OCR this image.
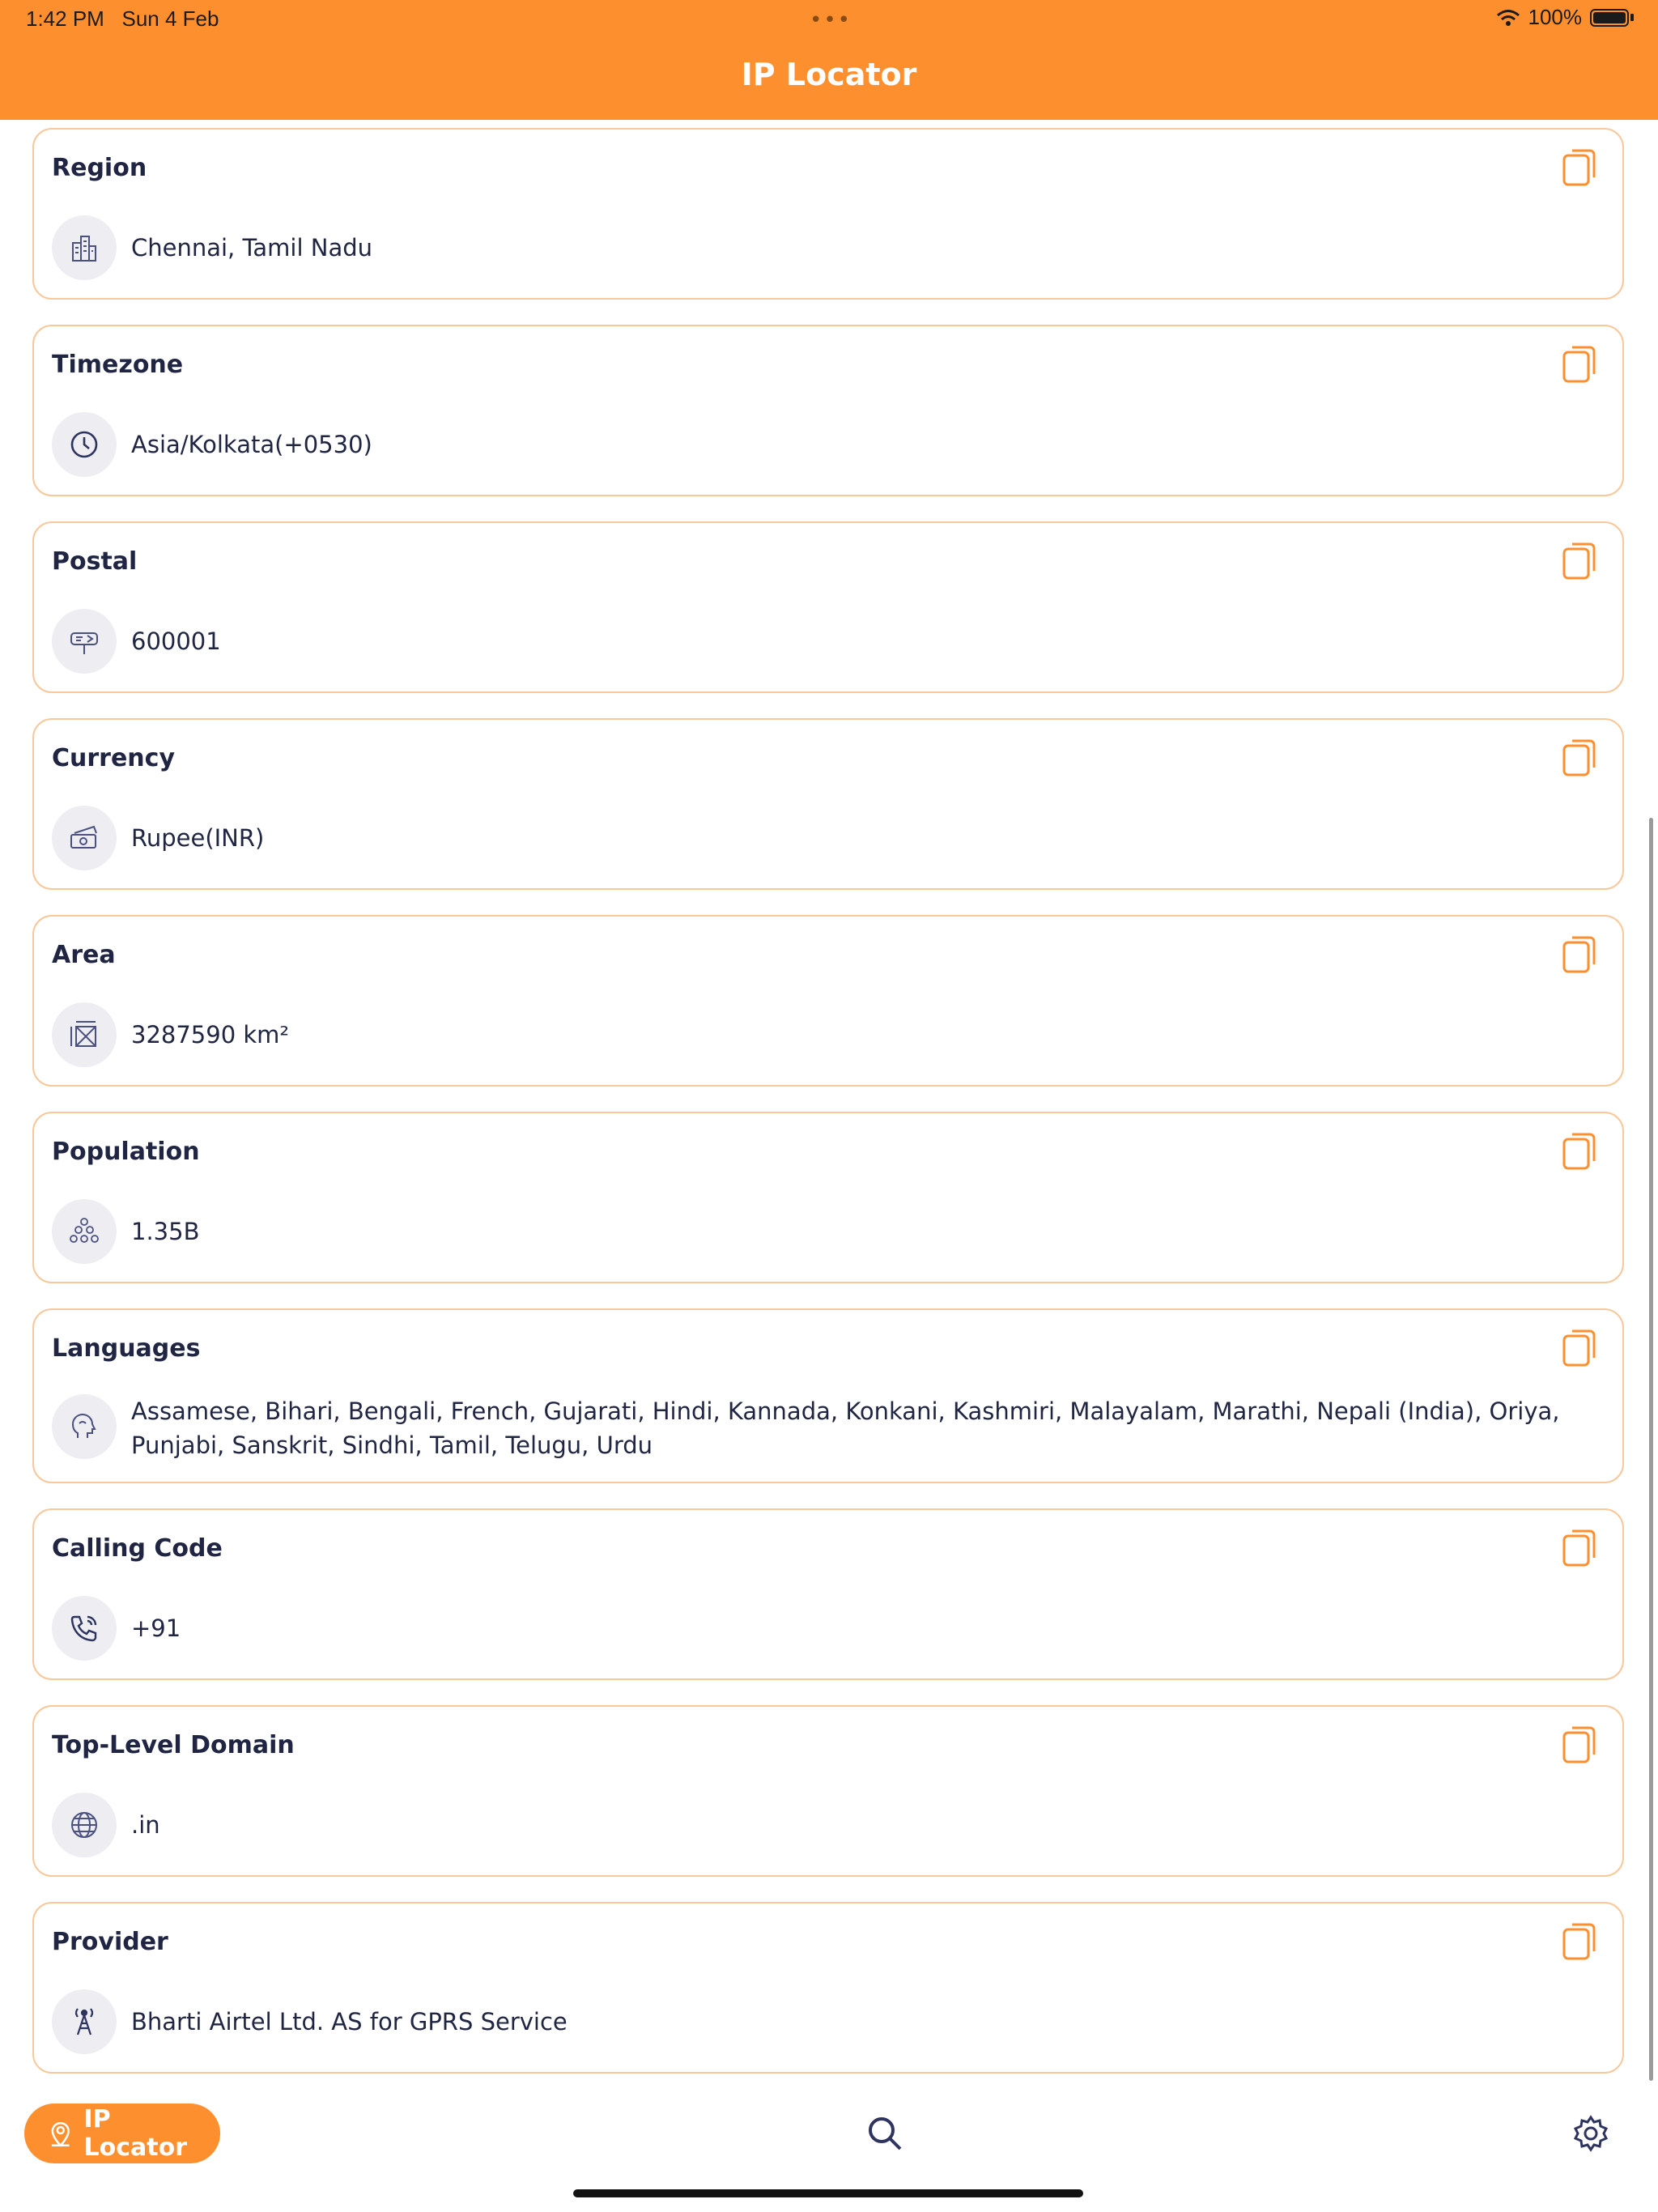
1:42 PM Sun 4 Feb	•••	100%
IP Locator
Region
Chennai, Tamil Nadu
Timezone
Asia/Kolkata(+0530)
Postal
600001
Currency
Rupee(INR)
Area
3287590 km²
Population
1.35B
Languages
Assamese, Bihari, Bengali, French, Gujarati, Hindi, Kannada, Konkani, Kashmiri, Malayalam, Marathi, Nepali (India), Oriya, Punjabi, Sanskrit, Sindhi, Tamil, Telugu, Urdu
Calling Code
+91
Top-Level Domain
.in
Provider
Bharti Airtel Ltd. AS for GPRS Service
IP Locator
